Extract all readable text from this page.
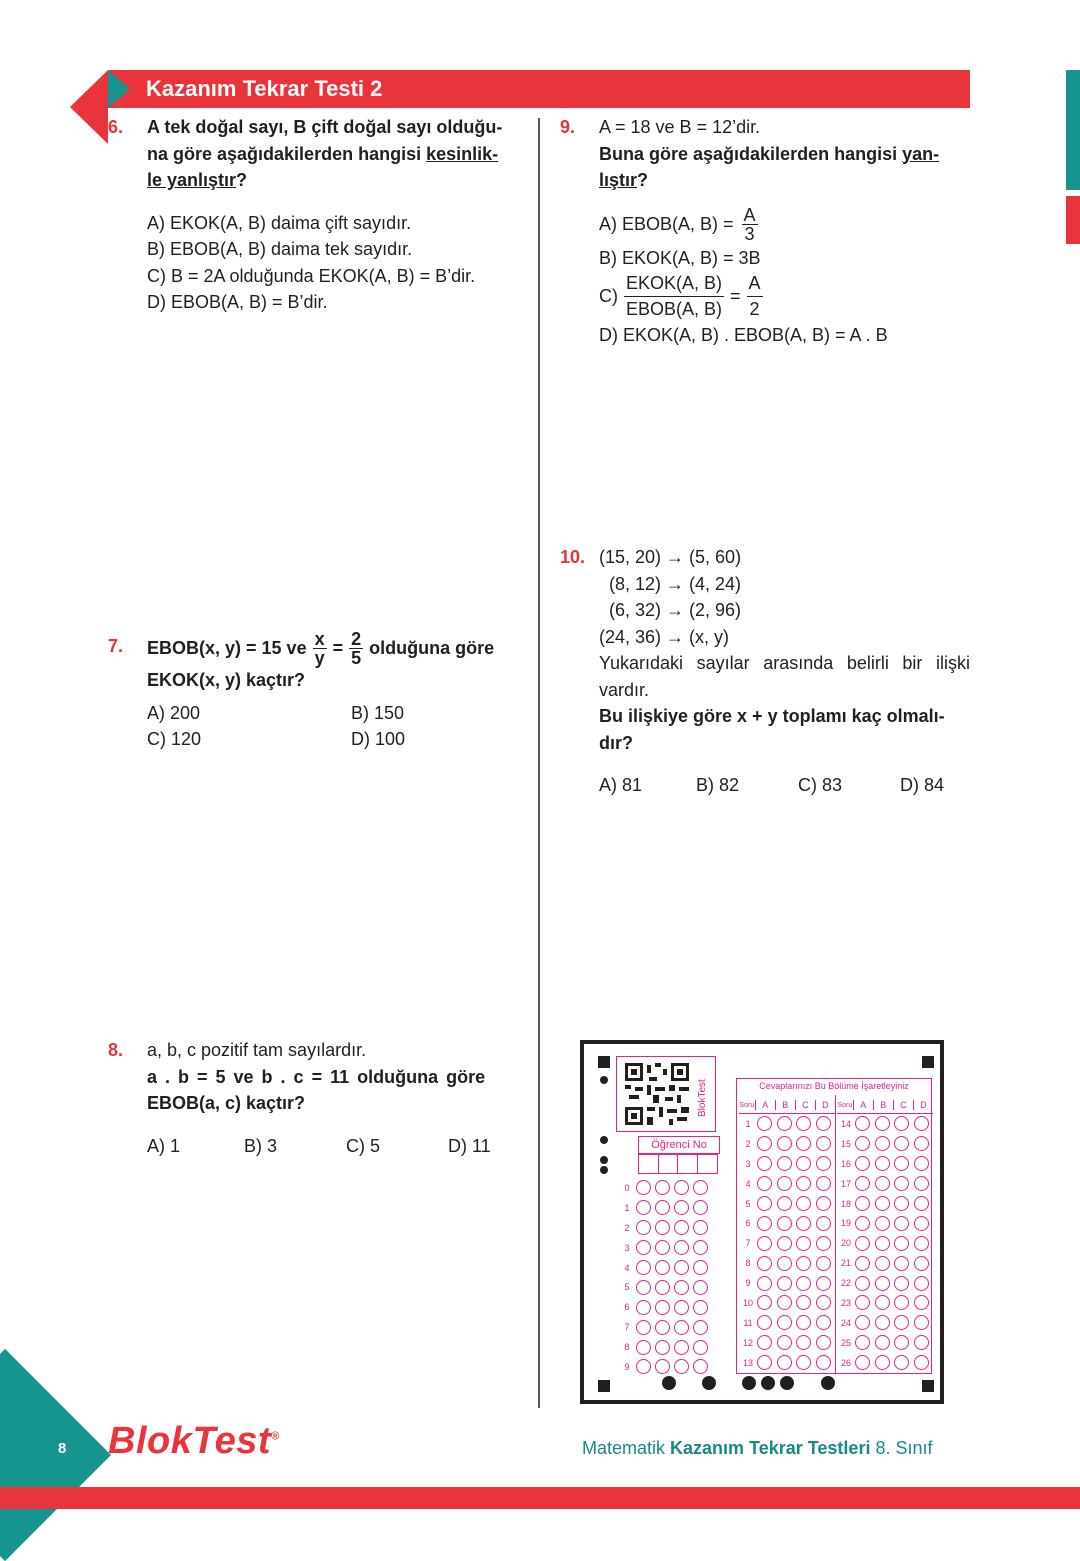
Kazanım Tekrar Testi 2
6. A tek doğal sayı, B çift doğal sayı olduğu-
na göre aşağıdakilerden hangisi kesinlik-
le yanlıştır?
A) EKOK(A, B) daima çift sayıdır.
B) EBOB(A, B) daima tek sayıdır.
C) B = 2A olduğunda EKOK(A, B) = B’dir.
D) EBOB(A, B) = B’dir.
7. EBOB(x, y) = 15 ve $\frac{x}{y} = \frac{2}{5}$ olduğuna göre
EKOK(x, y) kaçtır?
A) 200	B) 150
C) 120	D) 100
8. a, b, c pozitif tam sayılardır.
a . b = 5 ve b . c = 11 olduğuna göre
EBOB(a, c) kaçtır?
A) 1	B) 3	C) 5	D) 11
9. A = 18 ve B = 12’dir.
Buna göre aşağıdakilerden hangisi yan-
lıştır?
A) EBOB(A, $B) = \frac{A}{3}$
B) EKOK(A, B) = 3B
$C) \frac{\text{EKOK(A, B)}}{\text{EBOB(A, B)}} = \frac{A}{2}$
D) EKOK(A, B) . EBOB(A, B) = A . B
10. (15, 20) → (5, 60)
(8, 12) → (4, 24)
(6, 32) → (2, 96)
(24, 36) → (x, y)
Yukarıdaki sayılar arasında belirli bir ilişki
vardır.
Bu ilişkiye göre x + y toplamı kaç olmalı-
dır?
A) 81	B) 82	C) 83	D) 84
BlokTest
Öğrenci No
0
1
2
3
4
5
6
7
8
9
Cevaplarınızı Bu Bölüme İşaretleyiniz
Soru A	B	C	D
1
2
3
4
5
6
7
8
9
10
11
12
13
Soru A	B	C	D
14
15
16
17
18
19
20
21
22
23
24
25
26
8 BlokTest®
Matematik Kazanım Tekrar Testleri 8. Sınıf
